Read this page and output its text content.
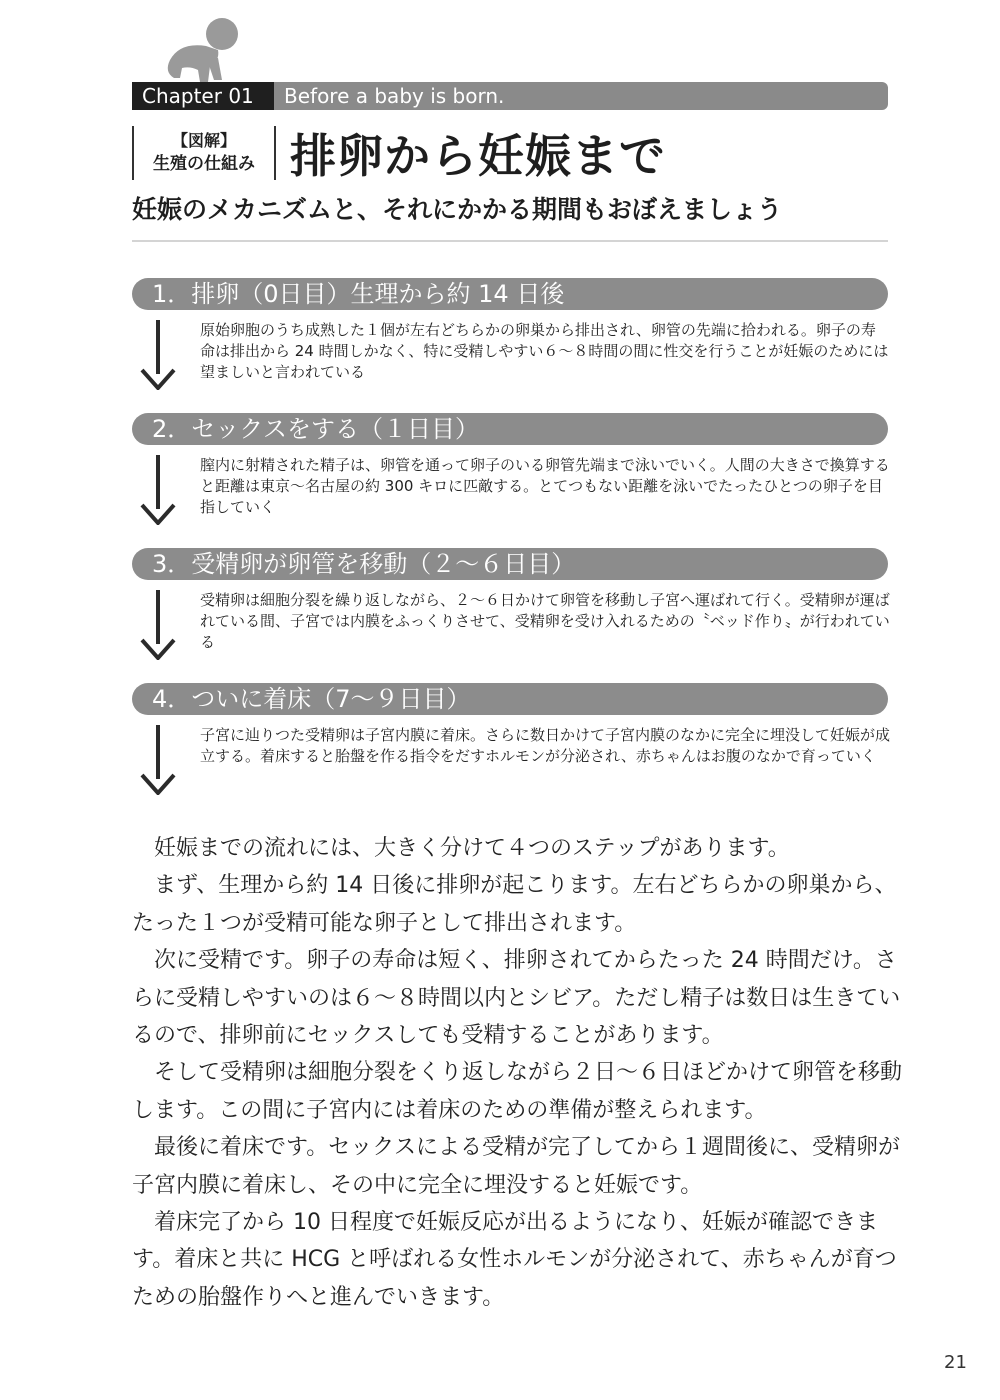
Chapter 01	Before a baby is born.
【図解】
生殖の仕組み 排卵から妊娠まで
妊娠のメカニズムと、それにかかる期間もおぼえましょう
1．排卵（0日目）生理から約 14 日後
原始卵胞のうち成熟した１個が左右どちらかの卵巣から排出され、卵管の先端に拾われる。卵子の寿命は排出から 24 時間しかなく、特に受精しやすい６～８時間の間に性交を行うことが妊娠のためには望ましいと言われている
2．セックスをする（１日目）
膣内に射精された精子は、卵管を通って卵子のいる卵管先端まで泳いでいく。人間の大きさで換算すると距離は東京～名古屋の約 300 キロに匹敵する。とてつもない距離を泳いでたったひとつの卵子を目指していく
3．受精卵が卵管を移動（２～６日目）
受精卵は細胞分裂を繰り返しながら、２～６日かけて卵管を移動し子宮へ運ばれて行く。受精卵が運ばれている間、子宮では内膜をふっくりさせて、受精卵を受け入れるための〝ベッド作り〟が行われている
4．ついに着床（7～９日目）
子宮に辿りつた受精卵は子宮内膜に着床。さらに数日かけて子宮内膜のなかに完全に埋没して妊娠が成立する。着床すると胎盤を作る指令をだすホルモンが分泌され、赤ちゃんはお腹のなかで育っていく

妊娠までの流れには、大きく分けて４つのステップがあります。

まず、生理から約 14 日後に排卵が起こります。左右どちらかの卵巣から、たった１つが受精可能な卵子として排出されます。

次に受精です。卵子の寿命は短く、排卵されてからたった 24 時間だけ。さらに受精しやすいのは６～８時間以内とシビア。ただし精子は数日は生きているので、排卵前にセックスしても受精することがあります。

そして受精卵は細胞分裂をくり返しながら２日～６日ほどかけて卵管を移動します。この間に子宮内には着床のための準備が整えられます。

最後に着床です。セックスによる受精が完了してから１週間後に、受精卵が子宮内膜に着床し、その中に完全に埋没すると妊娠です。

着床完了から 10 日程度で妊娠反応が出るようになり、妊娠が確認できます。着床と共に HCG と呼ばれる女性ホルモンが分泌されて、赤ちゃんが育つための胎盤作りへと進んでいきます。

21
